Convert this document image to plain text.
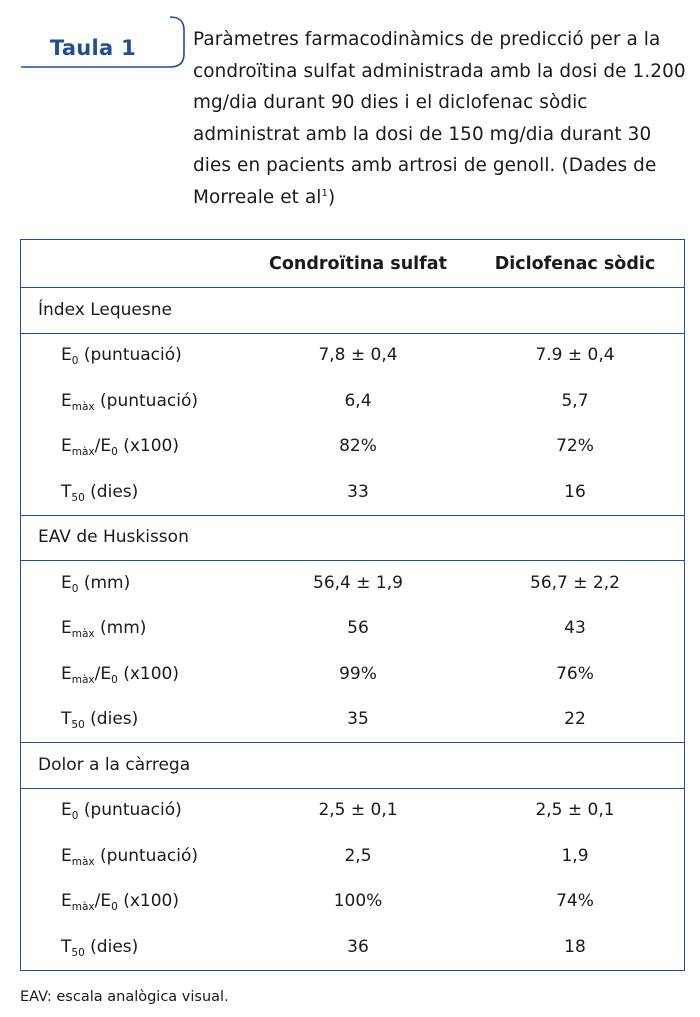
Taula 1	Paràmetres farmacodinàmics de predicció per a la condroïtina sulfat administrada amb la dosi de 1.200 mg/dia durant 90 dies i el diclofenac sòdic administrat amb la dosi de 150 mg/dia durant 30 dies en pacients amb artrosi de genoll. (Dades de Morreale et $al^1$)
Condroïtina sulfat	Diclofenac sòdic
Índex Lequesne
$E_0$ (puntuació)	7,8 ± 0,4	7.9 ± 0,4
$E_{màx}$ (puntuació)	6,4	5,7
$E_{màx}/E_0$ (x100)	82%	72%
$T_{50}$ (dies)	33	16
EAV de Huskisson
$E_0$ (mm)	56,4 ± 1,9	56,7 ± 2,2
$E_{màx}$ (mm)	56	43
$E_{màx}/E_0$ (x100)	99%	76%
$T_{50}$ (dies)	35	22
Dolor a la càrrega
$E_0$ (puntuació)	2,5 ± 0,1	2,5 ± 0,1
$E_{màx}$ (puntuació)	2,5	1,9
$E_{màx}/E_0$ (x100)	100%	74%
$T_{50}$ (dies)	36	18
EAV: escala analògica visual.
